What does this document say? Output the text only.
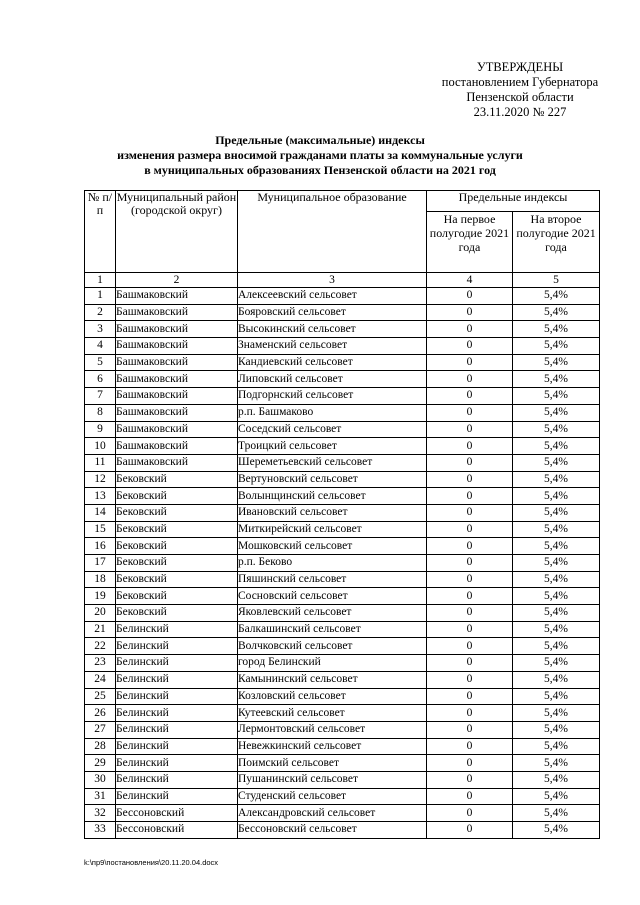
УТВЕРЖДЕНЫ
постановлением Губернатора
Пензенской области
23.11.2020 № 227
Предельные (максимальные) индексы
изменения размера вносимой гражданами платы за коммунальные услуги
в муниципальных образованиях Пензенской области на 2021 год
№ п/п	Муниципальный район (городской округ)	Муниципальное образование	Предельные индексы	
			На первое полугодие 2021 года	На второе полугодие 2021 года
1	2	3	4	5
1	Башмаковский	Алексеевский сельсовет	0	5,4%
2	Башмаковский	Бояровский сельсовет	0	5,4%
3	Башмаковский	Высокинский сельсовет	0	5,4%
4	Башмаковский	Знаменский сельсовет	0	5,4%
5	Башмаковский	Кандиевский сельсовет	0	5,4%
6	Башмаковский	Липовский сельсовет	0	5,4%
7	Башмаковский	Подгорнский сельсовет	0	5,4%
8	Башмаковский	р.п. Башмаково	0	5,4%
9	Башмаковский	Соседский сельсовет	0	5,4%
10	Башмаковский	Троицкий сельсовет	0	5,4%
11	Башмаковский	Шереметьевский сельсовет	0	5,4%
12	Бековский	Вертуновский сельсовет	0	5,4%
13	Бековский	Волынщинский сельсовет	0	5,4%
14	Бековский	Ивановский сельсовет	0	5,4%
15	Бековский	Миткирейский сельсовет	0	5,4%
16	Бековский	Мошковский сельсовет	0	5,4%
17	Бековский	р.п. Беково	0	5,4%
18	Бековский	Пяшинский сельсовет	0	5,4%
19	Бековский	Сосновский сельсовет	0	5,4%
20	Бековский	Яковлевский сельсовет	0	5,4%
21	Белинский	Балкашинский сельсовет	0	5,4%
22	Белинский	Волчковский сельсовет	0	5,4%
23	Белинский	город Белинский	0	5,4%
24	Белинский	Камынинский сельсовет	0	5,4%
25	Белинский	Козловский сельсовет	0	5,4%
26	Белинский	Кутеевский сельсовет	0	5,4%
27	Белинский	Лермонтовский сельсовет	0	5,4%
28	Белинский	Невежкинский сельсовет	0	5,4%
29	Белинский	Поимский сельсовет	0	5,4%
30	Белинский	Пушанинский сельсовет	0	5,4%
31	Белинский	Студенский сельсовет	0	5,4%
32	Бессоновский	Александровский сельсовет	0	5,4%
33	Бессоновский	Бессоновский сельсовет	0	5,4%
k:\пр9\постановления\20.11.20.04.docx
